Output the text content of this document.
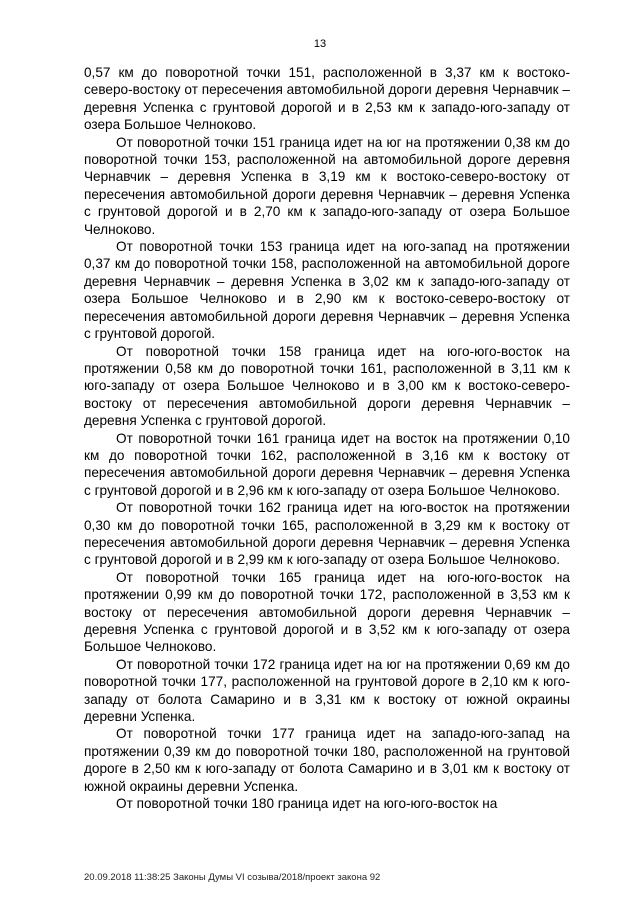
13

0,57 км до поворотной точки 151, расположенной в 3,37 км к востоко-северо-востоку от пересечения автомобильной дороги деревня Чернавчик – деревня Успенка с грунтовой дорогой и в 2,53 км к западо-юго-западу от озера Большое Челноково.

От поворотной точки 151 граница идет на юг на протяжении 0,38 км до поворотной точки 153, расположенной на автомобильной дороге деревня Чернавчик – деревня Успенка в 3,19 км к востоко-северо-востоку от пересечения автомобильной дороги деревня Чернавчик – деревня Успенка с грунтовой дорогой и в 2,70 км к западо-юго-западу от озера Большое Челноково.

От поворотной точки 153 граница идет на юго-запад на протяжении 0,37 км до поворотной точки 158, расположенной на автомобильной дороге деревня Чернавчик – деревня Успенка в 3,02 км к западо-юго-западу от озера Большое Челноково и в 2,90 км к востоко-северо-востоку от пересечения автомобильной дороги деревня Чернавчик – деревня Успенка с грунтовой дорогой.

От поворотной точки 158 граница идет на юго-юго-восток на протяжении 0,58 км до поворотной точки 161, расположенной в 3,11 км к юго-западу от озера Большое Челноково и в 3,00 км к востоко-северо-востоку от пересечения автомобильной дороги деревня Чернавчик – деревня Успенка с грунтовой дорогой.

От поворотной точки 161 граница идет на восток на протяжении 0,10 км до поворотной точки 162, расположенной в 3,16 км к востоку от пересечения автомобильной дороги деревня Чернавчик – деревня Успенка с грунтовой дорогой и в 2,96 км к юго-западу от озера Большое Челноково.

От поворотной точки 162 граница идет на юго-восток на протяжении 0,30 км до поворотной точки 165, расположенной в 3,29 км к востоку от пересечения автомобильной дороги деревня Чернавчик – деревня Успенка с грунтовой дорогой и в 2,99 км к юго-западу от озера Большое Челноково.

От поворотной точки 165 граница идет на юго-юго-восток на протяжении 0,99 км до поворотной точки 172, расположенной в 3,53 км к востоку от пересечения автомобильной дороги деревня Чернавчик – деревня Успенка с грунтовой дорогой и в 3,52 км к юго-западу от озера Большое Челноково.

От поворотной точки 172 граница идет на юг на протяжении 0,69 км до поворотной точки 177, расположенной на грунтовой дороге в 2,10 км к юго-западу от болота Самарино и в 3,31 км к востоку от южной окраины деревни Успенка.

От поворотной точки 177 граница идет на западо-юго-запад на протяжении 0,39 км до поворотной точки 180, расположенной на грунтовой дороге в 2,50 км к юго-западу от болота Самарино и в 3,01 км к востоку от южной окраины деревни Успенка.

От поворотной точки 180 граница идет на юго-юго-восток на

20.09.2018 11:38:25 Законы Думы VI созыва/2018/проект закона 92
